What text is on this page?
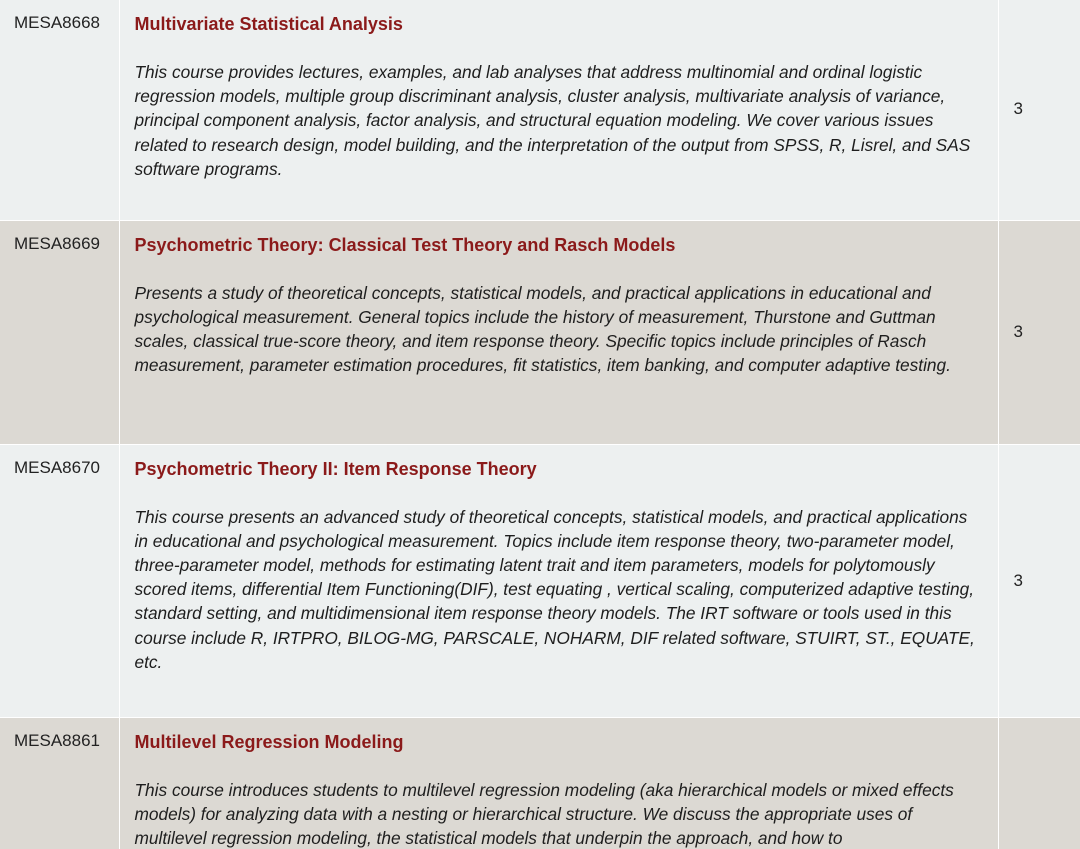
MESA8668	Multivariate Statistical Analysis

This course provides lectures, examples, and lab analyses that address multinomial and ordinal logistic regression models, multiple group discriminant analysis, cluster analysis, multivariate analysis of variance, principal component analysis, factor analysis, and structural equation modeling. We cover various issues related to research design, model building, and the interpretation of the output from SPSS, R, Lisrel, and SAS software programs.	3
MESA8669	Psychometric Theory: Classical Test Theory and Rasch Models

Presents a study of theoretical concepts, statistical models, and practical applications in educational and psychological measurement. General topics include the history of measurement, Thurstone and Guttman scales, classical true-score theory, and item response theory. Specific topics include principles of Rasch measurement, parameter estimation procedures, fit statistics, item banking, and computer adaptive testing.	3
MESA8670	Psychometric Theory II: Item Response Theory

This course presents an advanced study of theoretical concepts, statistical models, and practical applications in educational and psychological measurement. Topics include item response theory, two-parameter model, three-parameter model, methods for estimating latent trait and item parameters, models for polytomously scored items, differential Item Functioning(DIF), test equating , vertical scaling, computerized adaptive testing, standard setting, and multidimensional item response theory models. The IRT software or tools used in this course include R, IRTPRO, BILOG-MG, PARSCALE, NOHARM, DIF related software, STUIRT, ST., EQUATE, etc.	3
MESA8861	Multilevel Regression Modeling

This course introduces students to multilevel regression modeling (aka hierarchical models or mixed effects models) for analyzing data with a nesting or hierarchical structure. We discuss the appropriate uses of multilevel regression modeling, the statistical models that underpin the approach, and how to	
